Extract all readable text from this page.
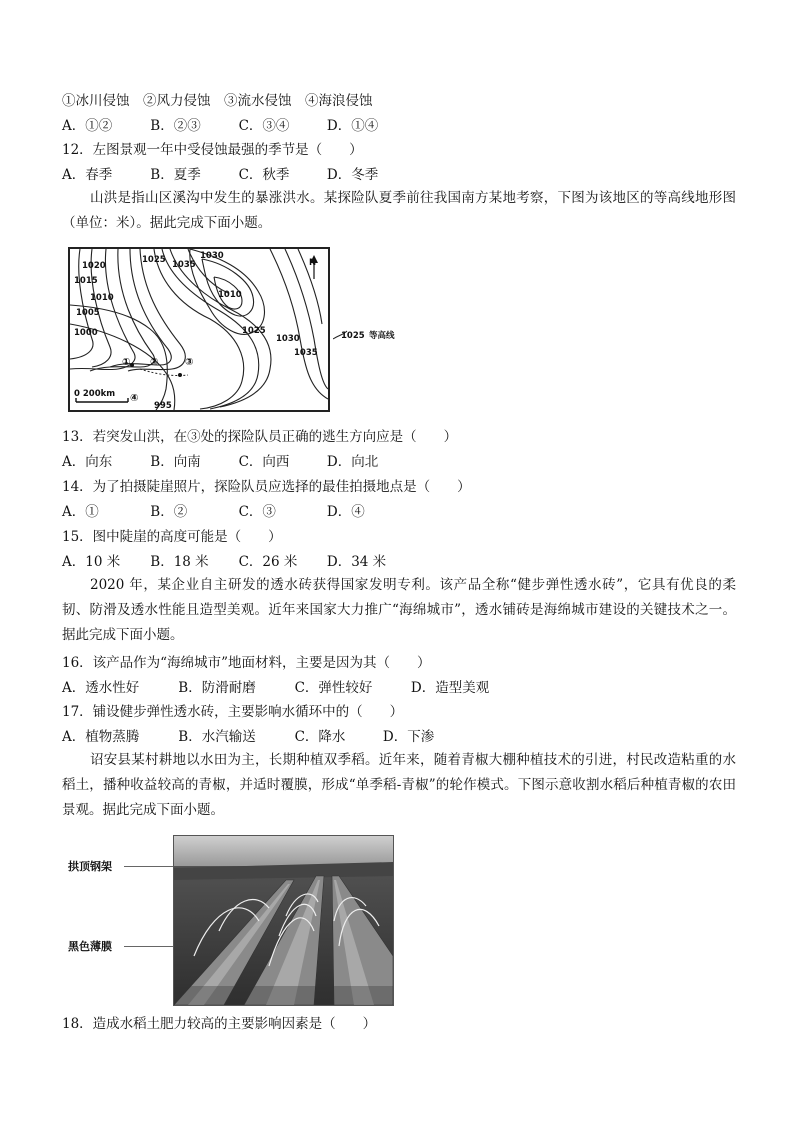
①冰川侵蚀　②风力侵蚀　③流水侵蚀　④海浪侵蚀
A．①②	B．②③	C．③④	D．①④
12．左图景观一年中受侵蚀最强的季节是（　　）
A．春季	B．夏季	C．秋季	D．冬季
山洪是指山区溪沟中发生的暴涨洪水。某探险队夏季前往我国南方某地考察，下图为该地区的等高线地形图（单位：米）。据此完成下面小题。
1025 1035
1030
1020
1015
1010
1005
1000
1010
1025
1030
1035
995
① ②	③
④
N
0 200km
1025 等高线
13．若突发山洪，在③处的探险队员正确的逃生方向应是（　　）
A．向东	B．向南	C．向西	D．向北
14．为了拍摄陡崖照片，探险队员应选择的最佳拍摄地点是（　　）
A．①	B．②	C．③	D．④
15．图中陡崖的高度可能是（　　）
A．10 米 B．18 米 C．26 米 D．34 米
2020 年，某企业自主研发的透水砖获得国家发明专利。该产品全称“健步弹性透水砖”，它具有优良的柔韧、防滑及透水性能且造型美观。近年来国家大力推广“海绵城市”，透水铺砖是海绵城市建设的关键技术之一。据此完成下面小题。
16．该产品作为“海绵城市”地面材料，主要是因为其（　　）
A．透水性好	B．防滑耐磨	C．弹性较好	D．造型美观
17．铺设健步弹性透水砖，主要影响水循环中的（　　）
A．植物蒸腾	B．水汽输送	C．降水	D．下渗
诏安县某村耕地以水田为主，长期种植双季稻。近年来，随着青椒大棚种植技术的引进，村民改造粘重的水稻土，播种收益较高的青椒，并适时覆膜，形成“单季稻-青椒”的轮作模式。下图示意收割水稻后种植青椒的农田景观。据此完成下面小题。
拱顶钢架
黑色薄膜
18．造成水稻土肥力较高的主要影响因素是（　　）
